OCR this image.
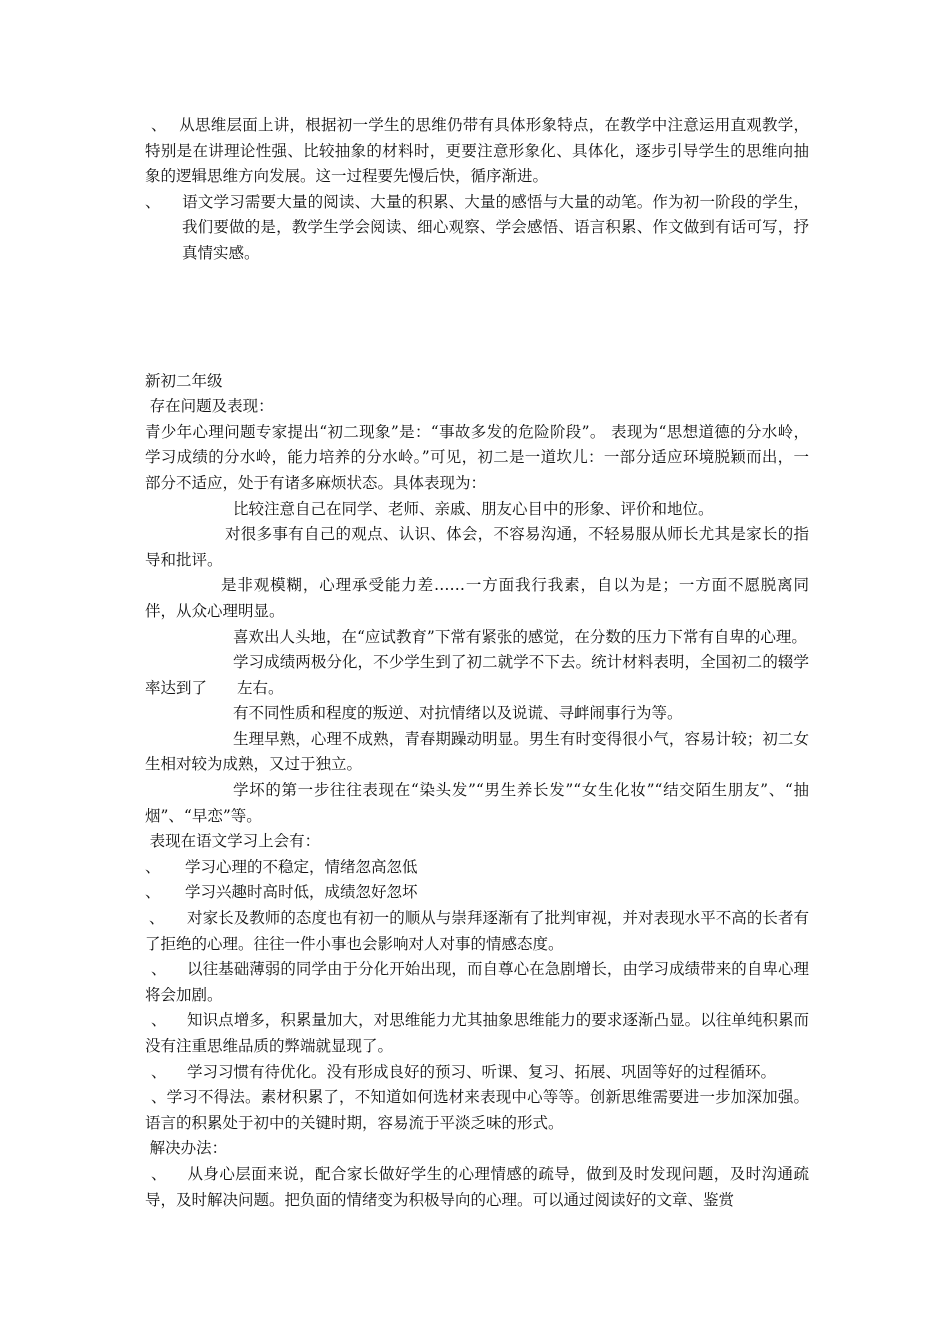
、 从思维层面上讲，根据初一学生的思维仍带有具体形象特点，在教学中注意运用直观教学，特别是在讲理论性强、比较抽象的材料时，更要注意形象化、具体化，逐步引导学生的思维向抽象的逻辑思维方向发展。这一过程要先慢后快，循序渐进。

、 语文学习需要大量的阅读、大量的积累、大量的感悟与大量的动笔。作为初一阶段的学生，我们要做的是，教学生学会阅读、细心观察、学会感悟、语言积累、作文做到有话可写，抒真情实感。

新初二年级

存在问题及表现：

青少年心理问题专家提出“初二现象”是：“事故多发的危险阶段”。 表现为“思想道德的分水岭，学习成绩的分水岭，能力培养的分水岭。”可见，初二是一道坎儿：一部分适应环境脱颖而出，一部分不适应，处于有诸多麻烦状态。具体表现为：

比较注意自己在同学、老师、亲戚、朋友心目中的形象、评价和地位。

对很多事有自己的观点、认识、体会，不容易沟通，不轻易服从师长尤其是家长的指导和批评。

是非观模糊，心理承受能力差……一方面我行我素，自以为是；一方面不愿脱离同伴，从众心理明显。

喜欢出人头地，在“应试教育”下常有紧张的感觉，在分数的压力下常有自卑的心理。

学习成绩两极分化，不少学生到了初二就学不下去。统计材料表明，全国初二的辍学率达到了 左右。

有不同性质和程度的叛逆、对抗情绪以及说谎、寻衅闹事行为等。

生理早熟，心理不成熟，青春期躁动明显。男生有时变得很小气，容易计较；初二女生相对较为成熟，又过于独立。

学坏的第一步往往表现在“染头发”“男生养长发”“女生化妆”“结交陌生朋友”、“抽烟”、“早恋”等。

表现在语文学习上会有：

、 学习心理的不稳定，情绪忽高忽低

、 学习兴趣时高时低，成绩忽好忽坏

、 对家长及教师的态度也有初一的顺从与崇拜逐渐有了批判审视，并对表现水平不高的长者有了拒绝的心理。往往一件小事也会影响对人对事的情感态度。

、 以往基础薄弱的同学由于分化开始出现，而自尊心在急剧增长，由学习成绩带来的自卑心理将会加剧。

、 知识点增多，积累量加大，对思维能力尤其抽象思维能力的要求逐渐凸显。以往单纯积累而没有注重思维品质的弊端就显现了。

、 学习习惯有待优化。没有形成良好的预习、听课、复习、拓展、巩固等好的过程循环。

、学习不得法。素材积累了，不知道如何选材来表现中心等等。创新思维需要进一步加深加强。语言的积累处于初中的关键时期，容易流于平淡乏味的形式。

解决办法：

、 从身心层面来说，配合家长做好学生的心理情感的疏导，做到及时发现问题，及时沟通疏导，及时解决问题。把负面的情绪变为积极导向的心理。可以通过阅读好的文章、鉴赏
